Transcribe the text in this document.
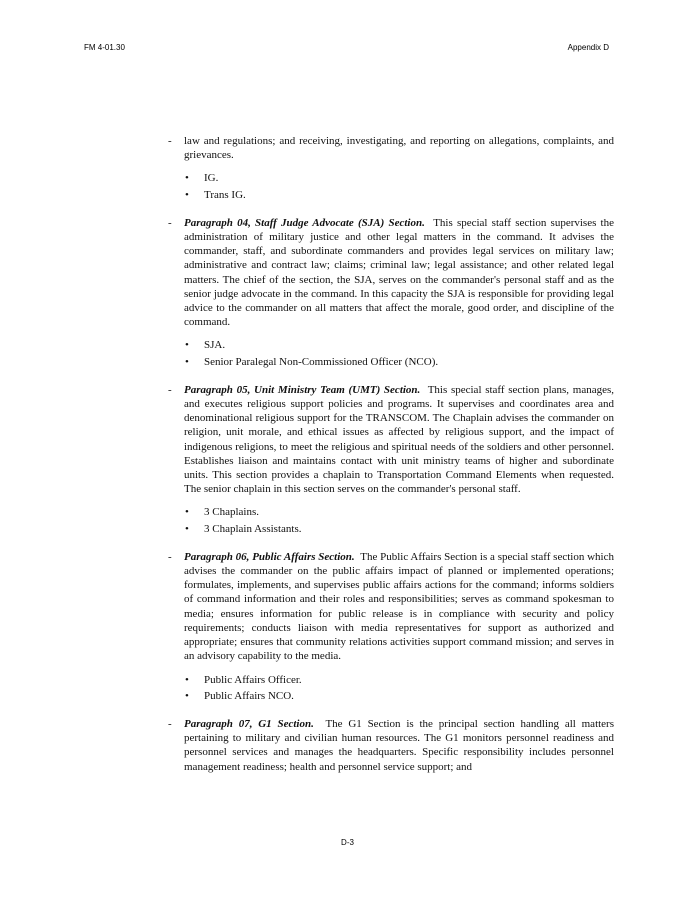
FM 4-01.30	Appendix D

- law and regulations; and receiving, investigating, and reporting on allegations, complaints, and grievances.

• IG.
• Trans IG.

- Paragraph 04, Staff Judge Advocate (SJA) Section. This special staff section supervises the administration of military justice and other legal matters in the command. It advises the commander, staff, and subordinate commanders and provides legal services on military law; administrative and contract law; claims; criminal law; legal assistance; and other related legal matters. The chief of the section, the SJA, serves on the commander's personal staff and as the senior judge advocate in the command. In this capacity the SJA is responsible for providing legal advice to the commander on all matters that affect the morale, good order, and discipline of the command.

• SJA.
• Senior Paralegal Non-Commissioned Officer (NCO).

- Paragraph 05, Unit Ministry Team (UMT) Section. This special staff section plans, manages, and executes religious support policies and programs. It supervises and coordinates area and denominational religious support for the TRANSCOM. The Chaplain advises the commander on religion, unit morale, and ethical issues as affected by religious support, and the impact of indigenous religions, to meet the religious and spiritual needs of the soldiers and other personnel. Establishes liaison and maintains contact with unit ministry teams of higher and subordinate units. This section provides a chaplain to Transportation Command Elements when requested. The senior chaplain in this section serves on the commander's personal staff.

• 3 Chaplains.
• 3 Chaplain Assistants.

- Paragraph 06, Public Affairs Section. The Public Affairs Section is a special staff section which advises the commander on the public affairs impact of planned or implemented operations; formulates, implements, and supervises public affairs actions for the command; informs soldiers of command information and their roles and responsibilities; serves as command spokesman to media; ensures information for public release is in compliance with security and policy requirements; conducts liaison with media representatives for support as authorized and appropriate; ensures that community relations activities support command mission; and serves in an advisory capability to the media.

• Public Affairs Officer.
• Public Affairs NCO.

- Paragraph 07, G1 Section. The G1 Section is the principal section handling all matters pertaining to military and civilian human resources. The G1 monitors personnel readiness and personnel services and manages the headquarters. Specific responsibility includes personnel management readiness; health and personnel service support; and

D-3
